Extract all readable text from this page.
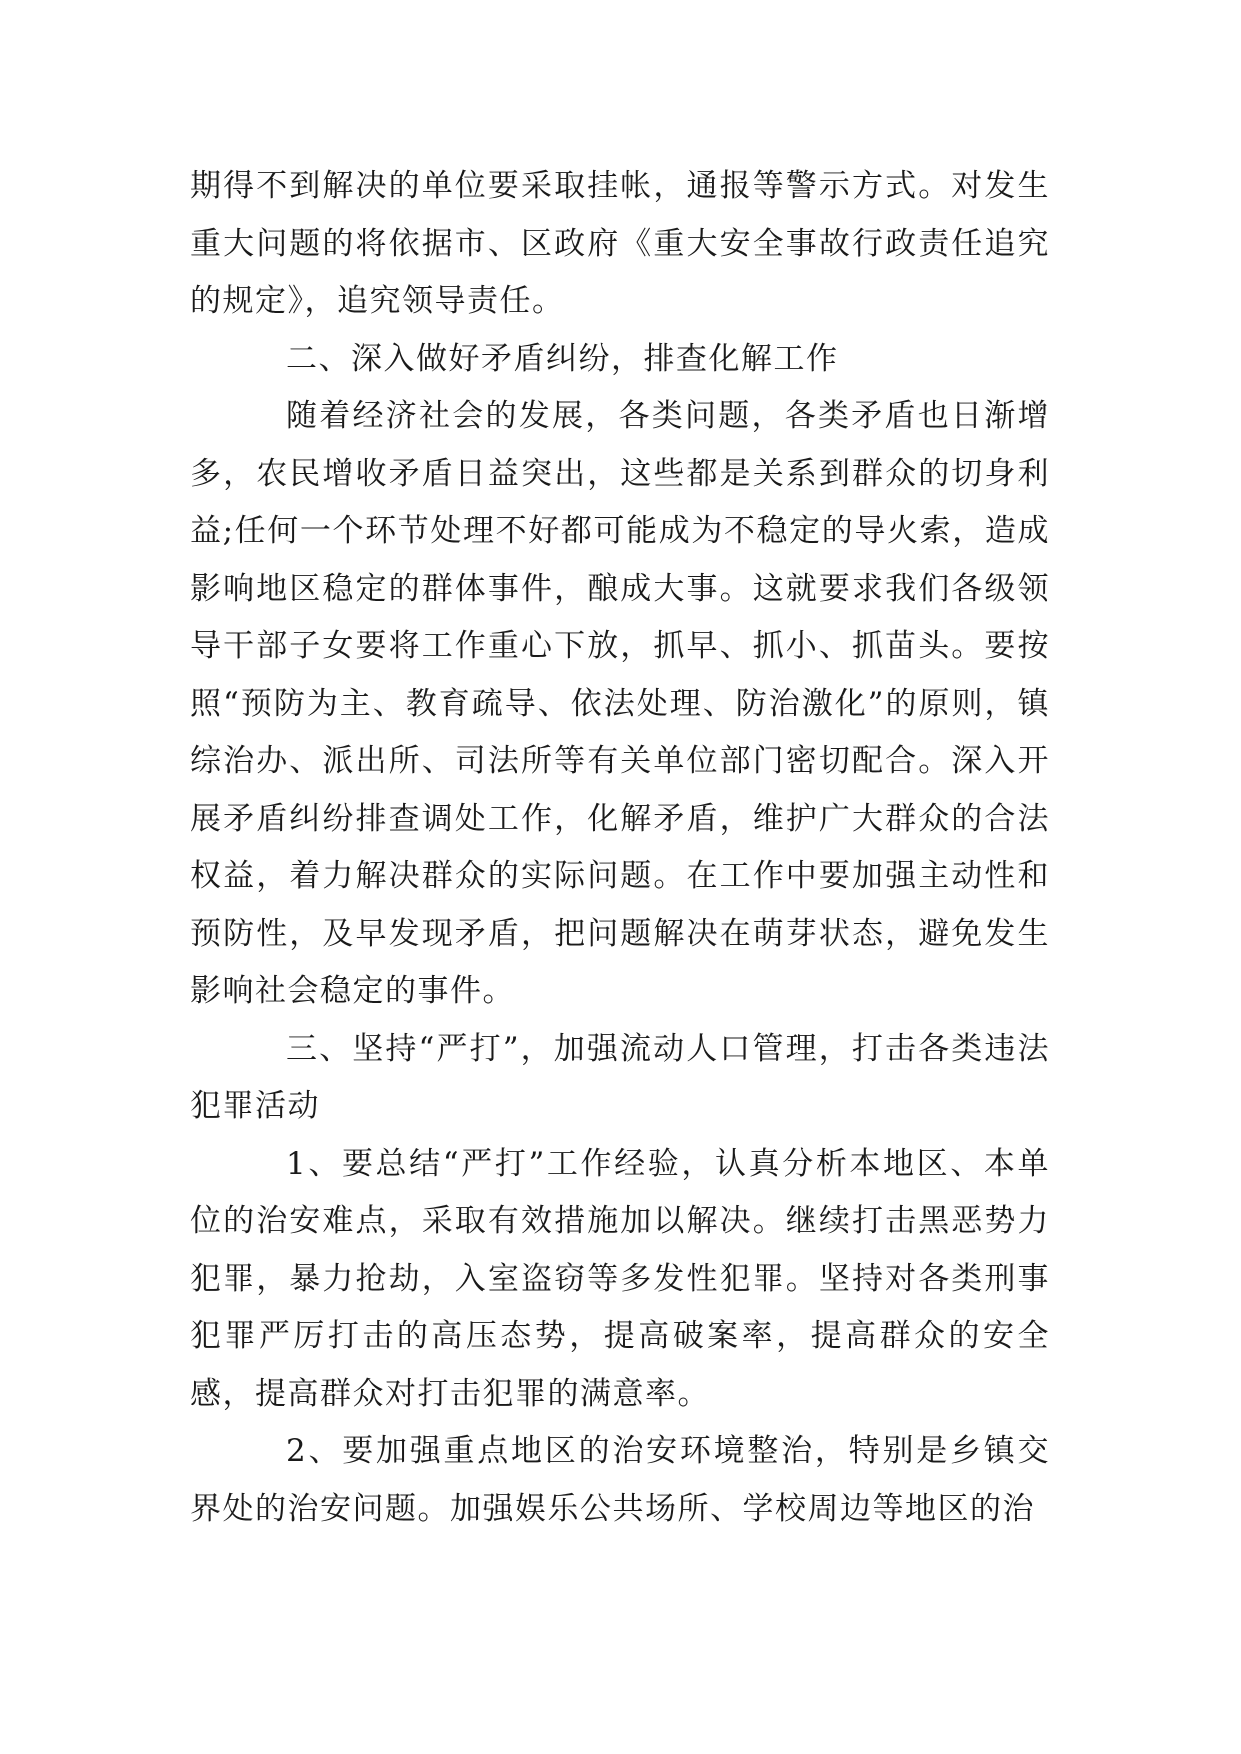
期得不到解决的单位要采取挂帐，通报等警示方式。对发生重大问题的将依据市、区政府《重大安全事故行政责任追究的规定》，追究领导责任。

二、深入做好矛盾纠纷，排查化解工作

随着经济社会的发展，各类问题，各类矛盾也日渐增多，农民增收矛盾日益突出，这些都是关系到群众的切身利益;任何一个环节处理不好都可能成为不稳定的导火索，造成影响地区稳定的群体事件，酿成大事。这就要求我们各级领导干部子女要将工作重心下放，抓早、抓小、抓苗头。要按照“预防为主、教育疏导、依法处理、防治激化”的原则，镇综治办、派出所、司法所等有关单位部门密切配合。深入开展矛盾纠纷排查调处工作，化解矛盾，维护广大群众的合法权益，着力解决群众的实际问题。在工作中要加强主动性和预防性，及早发现矛盾，把问题解决在萌芽状态，避免发生影响社会稳定的事件。

三、坚持“严打”，加强流动人口管理，打击各类违法犯罪活动

1、要总结“严打”工作经验，认真分析本地区、本单位的治安难点，采取有效措施加以解决。继续打击黑恶势力犯罪，暴力抢劫，入室盗窃等多发性犯罪。坚持对各类刑事犯罪严厉打击的高压态势，提高破案率，提高群众的安全感，提高群众对打击犯罪的满意率。

2、要加强重点地区的治安环境整治，特别是乡镇交界处的治安问题。加强娱乐公共场所、学校周边等地区的治
